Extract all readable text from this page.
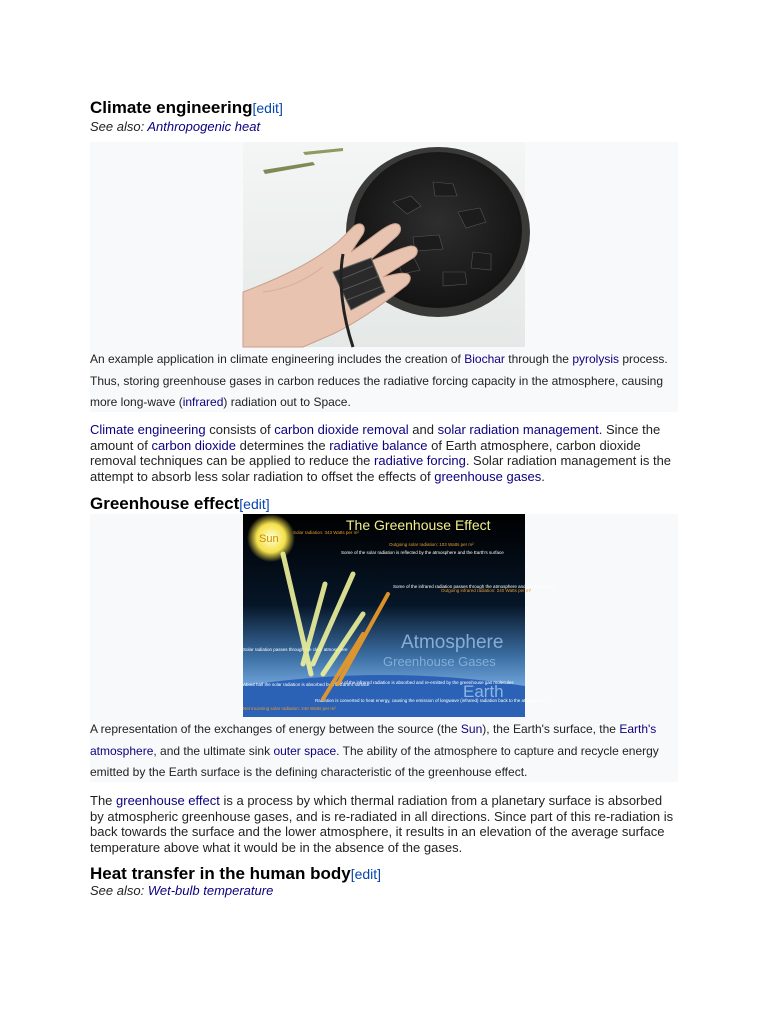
Climate engineering[edit]
See also: Anthropogenic heat
An example application in climate engineering includes the creation of Biochar through the pyrolysis process. Thus, storing greenhouse gases in carbon reduces the radiative forcing capacity in the atmosphere, causing more long-wave (infrared) radiation out to Space.
Climate engineering consists of carbon dioxide removal and solar radiation management. Since the amount of carbon dioxide determines the radiative balance of Earth atmosphere, carbon dioxide removal techniques can be applied to reduce the radiative forcing. Solar radiation management is the attempt to absorb less solar radiation to offset the effects of greenhouse gases.
Greenhouse effect[edit]
Sun
The Greenhouse Effect
Solar radiation: 343 Watts per m²
Some of the solar radiation is reflected by the atmosphere and the Earth's surface
Outgoing solar radiation: 103 Watts per m²
Some of the infrared radiation passes through the atmosphere and out into space
Outgoing infrared radiation: 240 Watts per m²
Atmosphere
Greenhouse Gases
Earth
Solar radiation passes through the clear atmosphere
About half the solar radiation is absorbed by the Earth's surface
Net incoming solar radiation: 240 Watts per m²
Some of the infrared radiation is absorbed and re-emitted by the greenhouse gas molecules
Radiation is converted to heat energy, causing the emission of longwave (infrared) radiation back to the atmosphere
A representation of the exchanges of energy between the source (the Sun), the Earth's surface, the Earth's atmosphere, and the ultimate sink outer space. The ability of the atmosphere to capture and recycle energy emitted by the Earth surface is the defining characteristic of the greenhouse effect.
The greenhouse effect is a process by which thermal radiation from a planetary surface is absorbed by atmospheric greenhouse gases, and is re-radiated in all directions. Since part of this re-radiation is back towards the surface and the lower atmosphere, it results in an elevation of the average surface temperature above what it would be in the absence of the gases.
Heat transfer in the human body[edit]
See also: Wet-bulb temperature
